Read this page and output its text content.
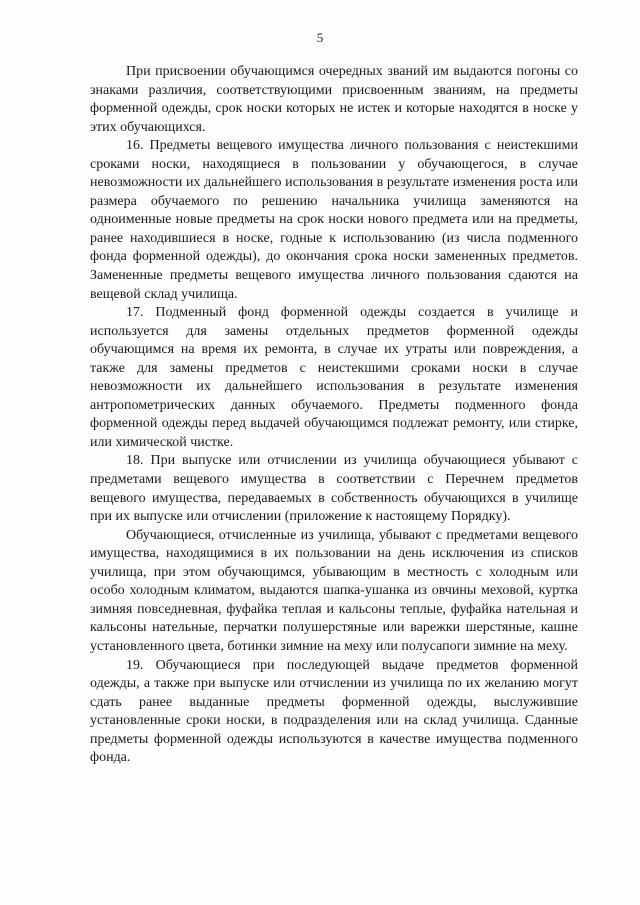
5

При присвоении обучающимся очередных званий им выдаются погоны со знаками различия, соответствующими присвоенным званиям, на предметы форменной одежды, срок носки которых не истек и которые находятся в носке у этих обучающихся.

16. Предметы вещевого имущества личного пользования с неистекшими сроками носки, находящиеся в пользовании у обучающегося, в случае невозможности их дальнейшего использования в результате изменения роста или размера обучаемого по решению начальника училища заменяются на одноименные новые предметы на срок носки нового предмета или на предметы, ранее находившиеся в носке, годные к использованию (из числа подменного фонда форменной одежды), до окончания срока носки замененных предметов. Замененные предметы вещевого имущества личного пользования сдаются на вещевой склад училища.

17. Подменный фонд форменной одежды создается в училище и используется для замены отдельных предметов форменной одежды обучающимся на время их ремонта, в случае их утраты или повреждения, а также для замены предметов с неистекшими сроками носки в случае невозможности их дальнейшего использования в результате изменения антропометрических данных обучаемого. Предметы подменного фонда форменной одежды перед выдачей обучающимся подлежат ремонту, или стирке, или химической чистке.

18. При выпуске или отчислении из училища обучающиеся убывают с предметами вещевого имущества в соответствии с Перечнем предметов вещевого имущества, передаваемых в собственность обучающихся в училище при их выпуске или отчислении (приложение к настоящему Порядку).

Обучающиеся, отчисленные из училища, убывают с предметами вещевого имущества, находящимися в их пользовании на день исключения из списков училища, при этом обучающимся, убывающим в местность с холодным или особо холодным климатом, выдаются шапка-ушанка из овчины меховой, куртка зимняя повседневная, фуфайка теплая и кальсоны теплые, фуфайка нательная и кальсоны нательные, перчатки полушерстяные или варежки шерстяные, кашне установленного цвета, ботинки зимние на меху или полусапоги зимние на меху.

19. Обучающиеся при последующей выдаче предметов форменной одежды, а также при выпуске или отчислении из училища по их желанию могут сдать ранее выданные предметы форменной одежды, выслужившие установленные сроки носки, в подразделения или на склад училища. Сданные предметы форменной одежды используются в качестве имущества подменного фонда.
